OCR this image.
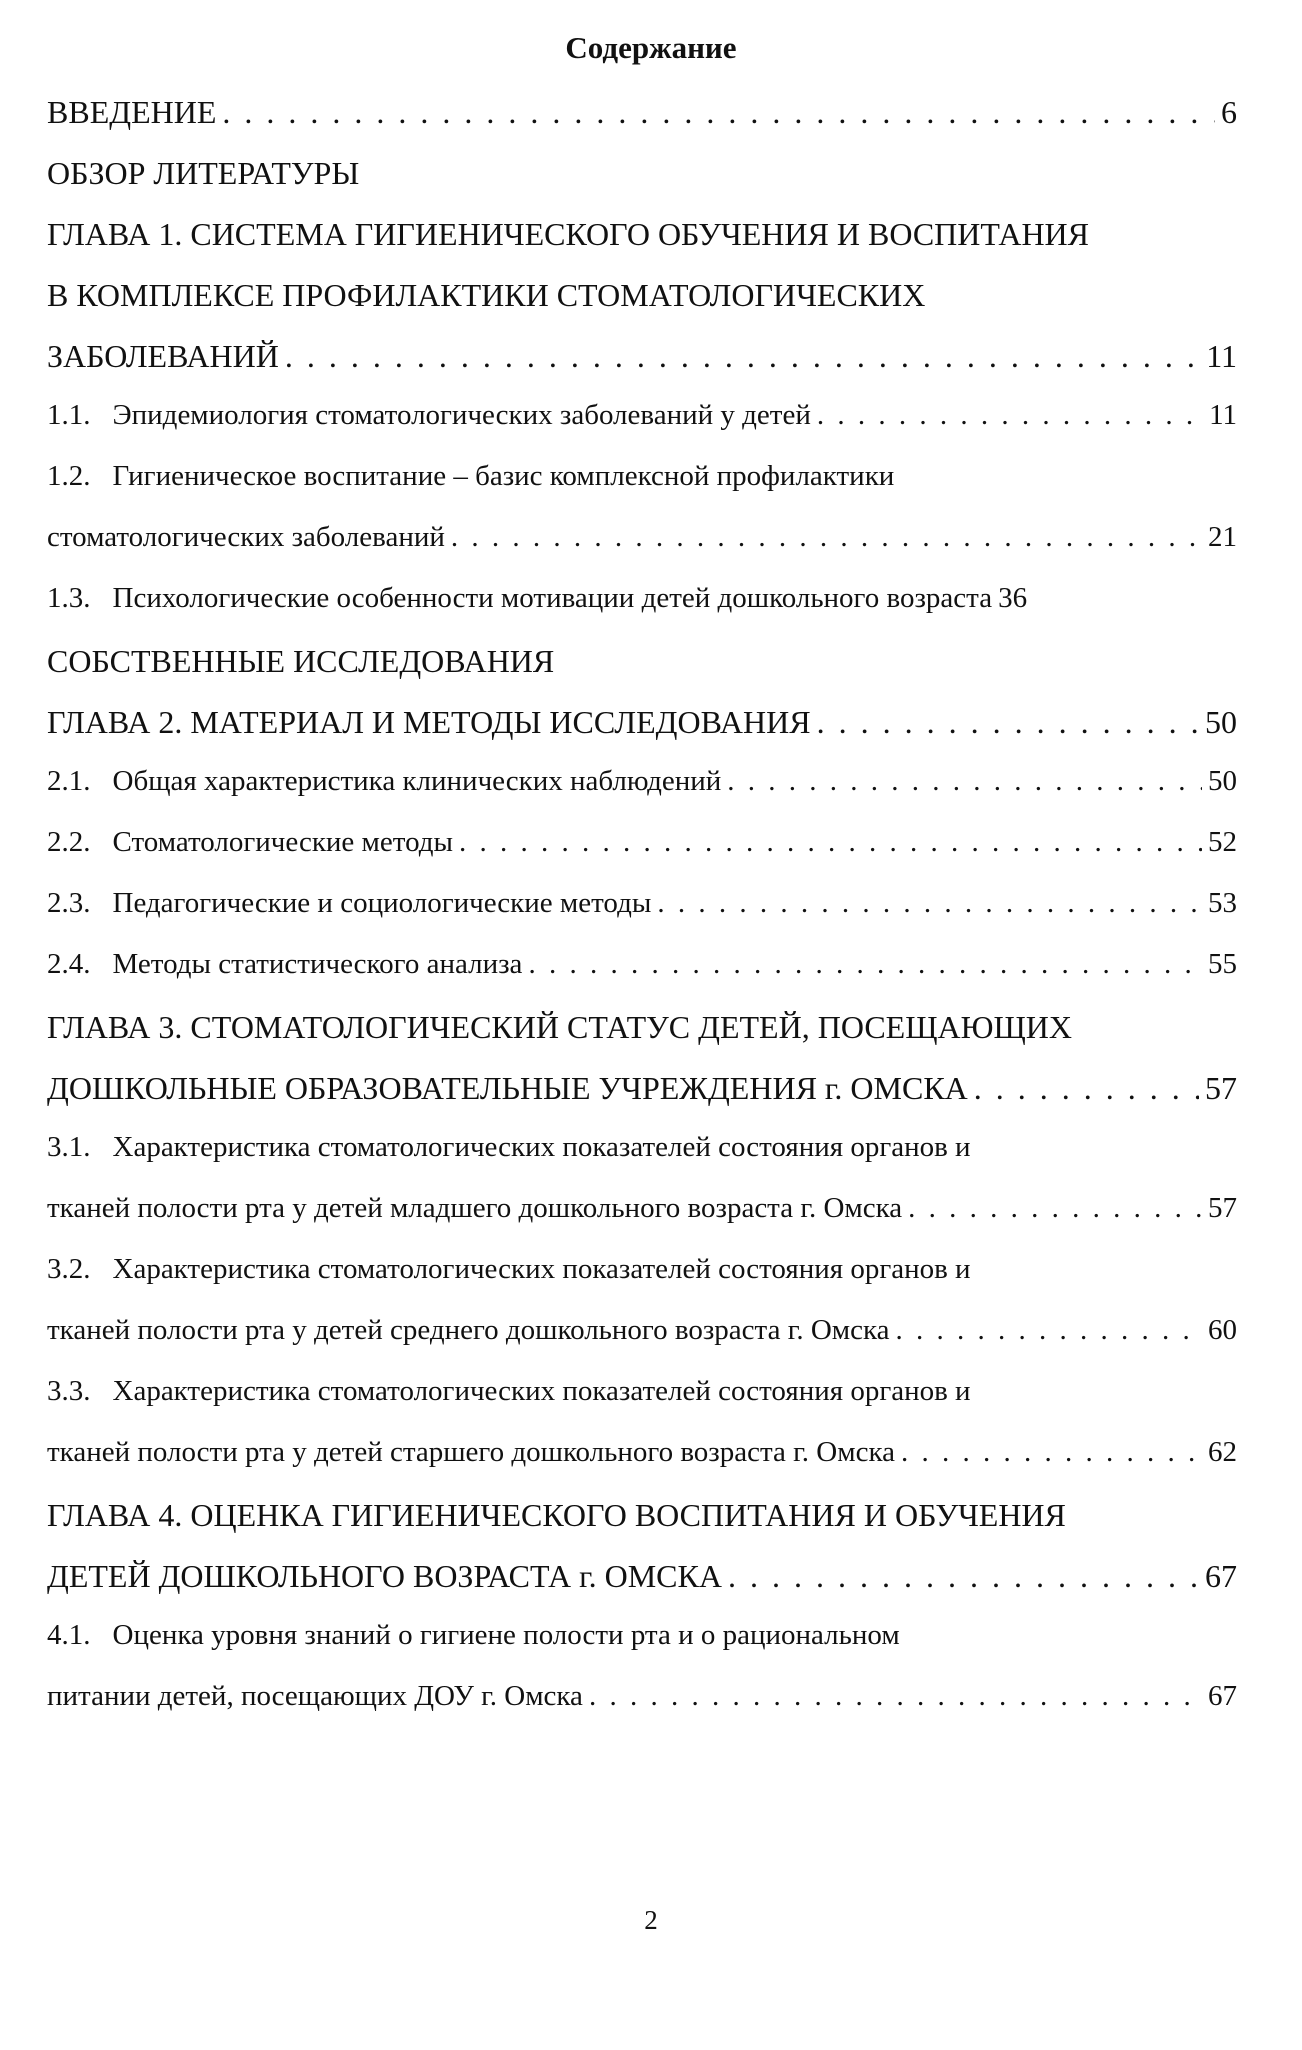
Содержание
ВВЕДЕНИЕ . . .	6
ОБЗОР ЛИТЕРАТУРЫ
ГЛАВА 1. СИСТЕМА ГИГИЕНИЧЕСКОГО ОБУЧЕНИЯ И ВОСПИТАНИЯ
В КОМПЛЕКСЕ ПРОФИЛАКТИКИ СТОМАТОЛОГИЧЕСКИХ
ЗАБОЛЕВАНИЙ . . .	11
1.1. Эпидемиология стоматологических заболеваний у детей . . .	11
1.2. Гигиеническое воспитание – базис комплексной профилактики
стоматологических заболеваний . . .	21
1.3. Психологические особенности мотивации детей дошкольного возраста 36
СОБСТВЕННЫЕ ИССЛЕДОВАНИЯ
ГЛАВА 2. МАТЕРИАЛ И МЕТОДЫ ИССЛЕДОВАНИЯ . . .	50
2.1. Общая характеристика клинических наблюдений . . .	50
2.2. Стоматологические методы . . .	52
2.3. Педагогические и социологические методы . . .	53
2.4. Методы статистического анализа . . .	55
ГЛАВА 3. СТОМАТОЛОГИЧЕСКИЙ СТАТУС ДЕТЕЙ, ПОСЕЩАЮЩИХ
ДОШКОЛЬНЫЕ ОБРАЗОВАТЕЛЬНЫЕ УЧРЕЖДЕНИЯ г. ОМСКА . . .	57
3.1. Характеристика стоматологических показателей состояния органов и
тканей полости рта у детей младшего дошкольного возраста г. Омска . . .	57
3.2. Характеристика стоматологических показателей состояния органов и
тканей полости рта у детей среднего дошкольного возраста г. Омска . . .	60
3.3. Характеристика стоматологических показателей состояния органов и
тканей полости рта у детей старшего дошкольного возраста г. Омска . . .	62
ГЛАВА 4. ОЦЕНКА ГИГИЕНИЧЕСКОГО ВОСПИТАНИЯ И ОБУЧЕНИЯ
ДЕТЕЙ ДОШКОЛЬНОГО ВОЗРАСТА г. ОМСКА . . .	67
4.1. Оценка уровня знаний о гигиене полости рта и о рациональном
питании детей, посещающих ДОУ г. Омска . . .	67
2
